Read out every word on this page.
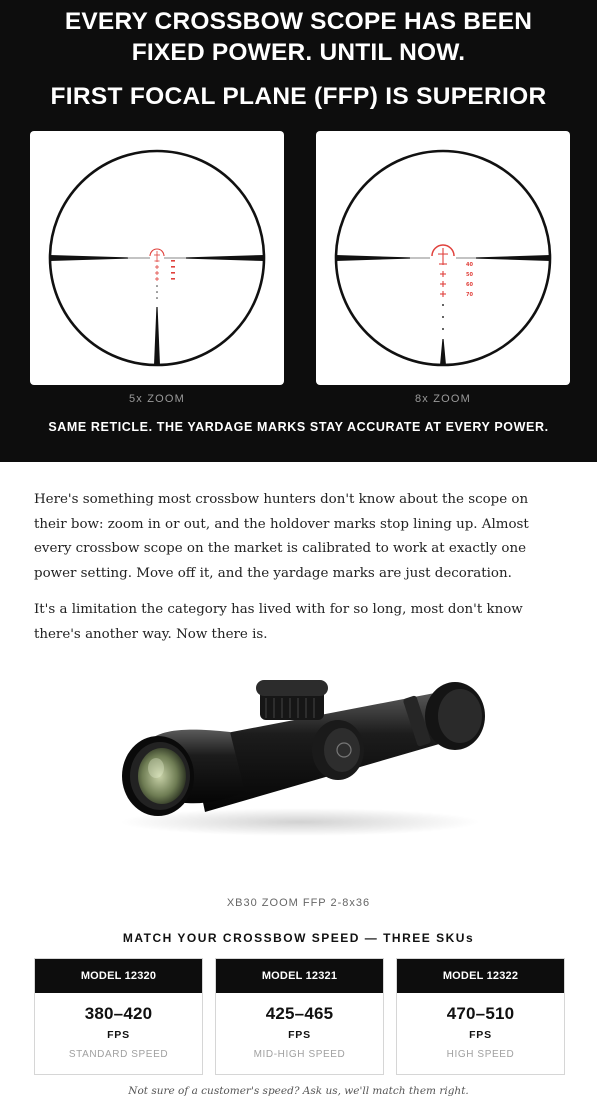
EVERY CROSSBOW SCOPE HAS BEEN
FIXED POWER. UNTIL NOW.
FIRST FOCAL PLANE (FFP) IS SUPERIOR
40
50
60
70
5x ZOOM	8x ZOOM
SAME RETICLE. THE YARDAGE MARKS STAY ACCURATE AT EVERY POWER.

Here's something most crossbow hunters don't know about the scope on their bow: zoom in or out, and the holdover marks stop lining up. Almost every crossbow scope on the market is calibrated to work at exactly one power setting. Move off it, and the yardage marks are just decoration.

It's a limitation the category has lived with for so long, most don't know there's another way. Now there is.

XB30 ZOOM FFP 2-8x36
MATCH YOUR CROSSBOW SPEED — THREE SKUs
MODEL 12320
380–420
FPS
STANDARD SPEED
MODEL 12321
425–465
FPS
MID-HIGH SPEED
MODEL 12322
470–510
FPS
HIGH SPEED
Not sure of a customer's speed? Ask us, we'll match them right.
